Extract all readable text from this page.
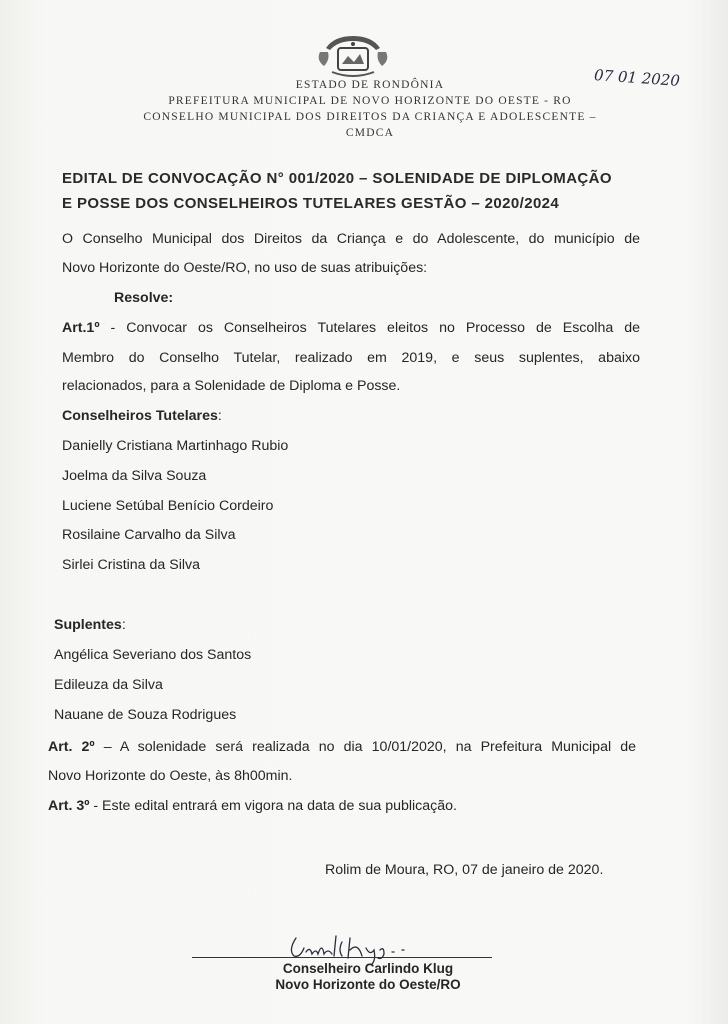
ESTADO DE RONDÔNIA
PREFEITURA MUNICIPAL DE NOVO HORIZONTE DO OESTE - RO
CONSELHO MUNICIPAL DOS DIREITOS DA CRIANÇA E ADOLESCENTE –
CMDCA
07 01 2020
EDITAL DE CONVOCAÇÃO N° 001/2020 – SOLENIDADE DE DIPLOMAÇÃO
E POSSE DOS CONSELHEIROS TUTELARES GESTÃO – 2020/2024
O Conselho Municipal dos Direitos da Criança e do Adolescente, do município de
Novo Horizonte do Oeste/RO, no uso de suas atribuições:
Resolve:
Art.1º - Convocar os Conselheiros Tutelares eleitos no Processo de Escolha de
Membro do Conselho Tutelar, realizado em 2019, e seus suplentes, abaixo
relacionados, para a Solenidade de Diploma e Posse.
Conselheiros Tutelares:
Danielly Cristiana Martinhago Rubio
Joelma da Silva Souza
Luciene Setúbal Benício Cordeiro
Rosilaine Carvalho da Silva
Sirlei Cristina da Silva
Suplentes:
Angélica Severiano dos Santos
Edileuza da Silva
Nauane de Souza Rodrigues
Art. 2º – A solenidade será realizada no dia 10/01/2020, na Prefeitura Municipal de
Novo Horizonte do Oeste, às 8h00min.
Art. 3º - Este edital entrará em vigora na data de sua publicação.
Rolim de Moura, RO, 07 de janeiro de 2020.
Conselheiro Carlindo Klug
Novo Horizonte do Oeste/RO
